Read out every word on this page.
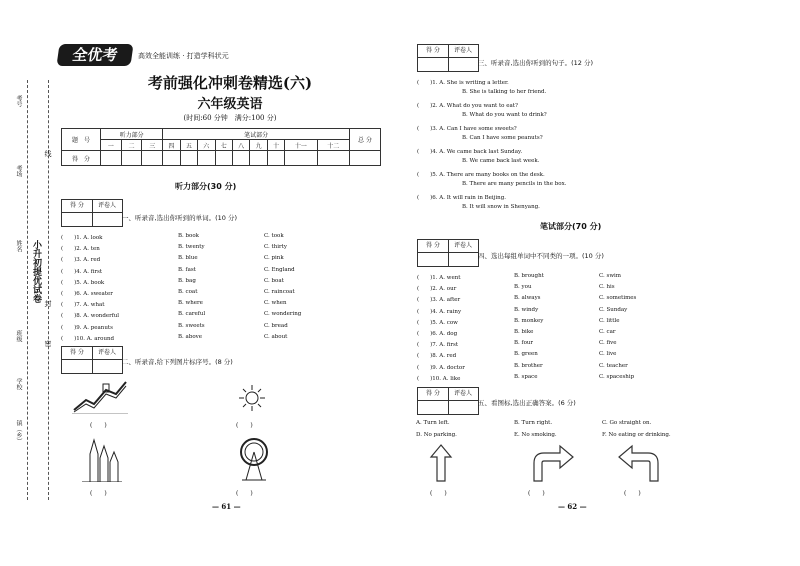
考号
考场
姓名 小升初提优试卷
班级
学校
镇（乡）
线
封
密
全优考	高效全能训练 · 打造学科状元
考前强化冲刺卷精选(六)
六年级英语
(时间:60 分钟　满分:100 分)
题　号	听力部分			笔试部分									总 分
	一	二	三	四	五	六	七	八	九	十	十一	十二	
得　分													
听力部分(30 分)
得 分	评卷人
一、听录音,选出你听到的单词。(10 分)
(　　)1. A. look	B. book	C. took
(　　)2. A. ten	B. twenty	C. thirty
(　　)3. A. red	B. blue	C. pink
(　　)4. A. first	B. fast	C. England
(　　)5. A. book	B. bag	C. boat
(　　)6. A. sweater	B. coat	C. raincoat
(　　)7. A. what	B. where	C. when
(　　)8. A. wonderful	B. careful	C. wondering
(　　)9. A. peanuts	B. sweets	C. bread
(　　)10. A. around	B. above	C. about
得 分	评卷人
二、听录音,给下列图片标序号。(8 分)
(　　)	(　　)
(　　)	(　　)
— 61 —
得 分	评卷人
三、听录音,选出你听到的句子。(12 分)
(　　)1. A. She is writing a letter.
B. She is talking to her friend.
(　　)2. A. What do you want to eat?
B. What do you want to drink?
(　　)3. A. Can I have some sweets?
B. Can I have some peanuts?
(　　)4. A. We came back last Sunday.
B. We came back last week.
(　　)5. A. There are many books on the desk.
B. There are many pencils in the box.
(　　)6. A. It will rain in Beijing.
B. It will snow in Shenyang.
笔试部分(70 分)
得 分	评卷人
四、选出每组单词中不同类的一项。(10 分)
(　　)1. A. went	B. brought	C. swim
(　　)2. A. our	B. you	C. his
(　　)3. A. after	B. always	C. sometimes
(　　)4. A. rainy	B. windy	C. Sunday
(　　)5. A. cow	B. monkey	C. little
(　　)6. A. dog	B. bike	C. car
(　　)7. A. first	B. four	C. five
(　　)8. A. red	B. green	C. live
(　　)9. A. doctor	B. brother	C. teacher
(　　)10. A. like	B. space	C. spaceship
得 分	评卷人
五、看图标,选出正确答案。(6 分)
A. Turn left.	B. Turn right.	C. Go straight on.
D. No parking.	E. No smoking.	F. No eating or drinking.
(　　)	(　　)	(　　)
— 62 —
